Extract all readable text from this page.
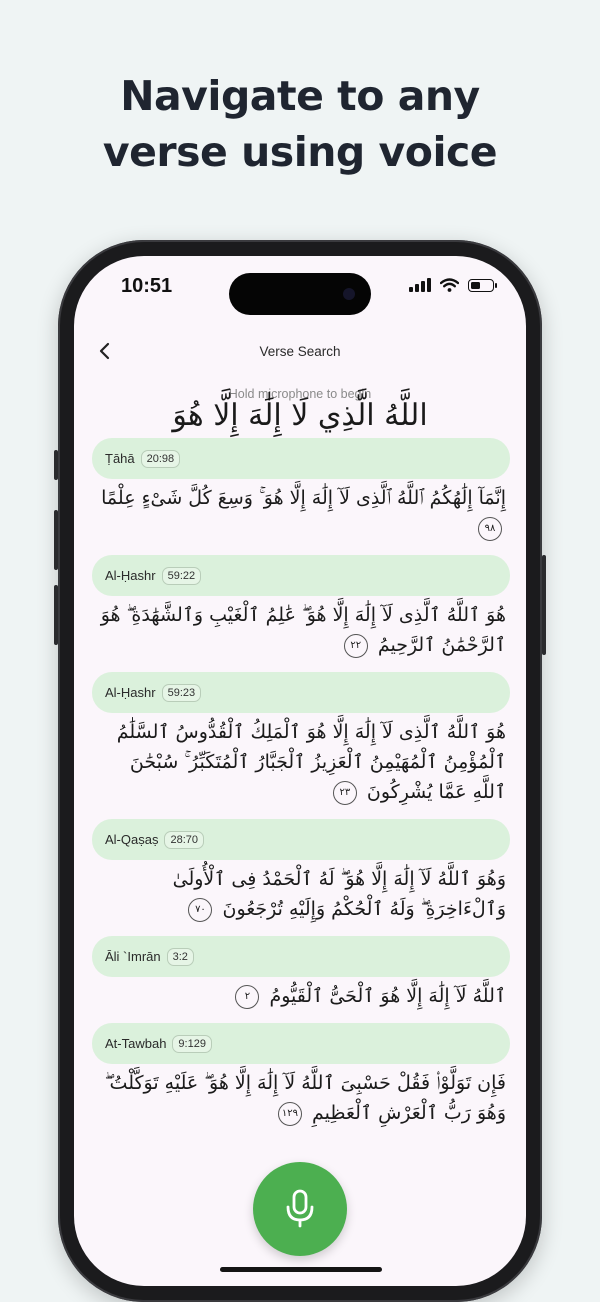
Navigate to any
verse using voice
10:51
Verse Search
Hold microphone to begin
اللَّهُ الَّذِي لَا إِلَٰهَ إِلَّا هُوَ
Ṭāhā	20:98
إِنَّمَآ إِلَٰهُكُمُ ٱللَّهُ ٱلَّذِى لَآ إِلَٰهَ إِلَّا هُوَ ۚ وَسِعَ كُلَّ شَىْءٍ عِلْمًا ٩٨
Al-Ḥashr	59:22
هُوَ ٱللَّهُ ٱلَّذِى لَآ إِلَٰهَ إِلَّا هُوَ ۖ عَٰلِمُ ٱلْغَيْبِ وَٱلشَّهَٰدَةِ ۖ هُوَ ٱلرَّحْمَٰنُ ٱلرَّحِيمُ ٢٢
Al-Ḥashr	59:23
هُوَ ٱللَّهُ ٱلَّذِى لَآ إِلَٰهَ إِلَّا هُوَ ٱلْمَلِكُ ٱلْقُدُّوسُ ٱلسَّلَٰمُ ٱلْمُؤْمِنُ ٱلْمُهَيْمِنُ ٱلْعَزِيزُ ٱلْجَبَّارُ ٱلْمُتَكَبِّرُ ۚ سُبْحَٰنَ ٱللَّهِ عَمَّا يُشْرِكُونَ ٢٣
Al-Qaṣaṣ	28:70
وَهُوَ ٱللَّهُ لَآ إِلَٰهَ إِلَّا هُوَ ۖ لَهُ ٱلْحَمْدُ فِى ٱلْأُولَىٰ وَٱلْءَاخِرَةِ ۖ وَلَهُ ٱلْحُكْمُ وَإِلَيْهِ تُرْجَعُونَ ٧٠
Āli `Imrān	3:2
ٱللَّهُ لَآ إِلَٰهَ إِلَّا هُوَ ٱلْحَىُّ ٱلْقَيُّومُ ٢
At-Tawbah	9:129
فَإِن تَوَلَّوْا۟ فَقُلْ حَسْبِىَ ٱللَّهُ لَآ إِلَٰهَ إِلَّا هُوَ ۖ عَلَيْهِ تَوَكَّلْتُ ۖ وَهُوَ رَبُّ ٱلْعَرْشِ ٱلْعَظِيمِ ١٢٩
